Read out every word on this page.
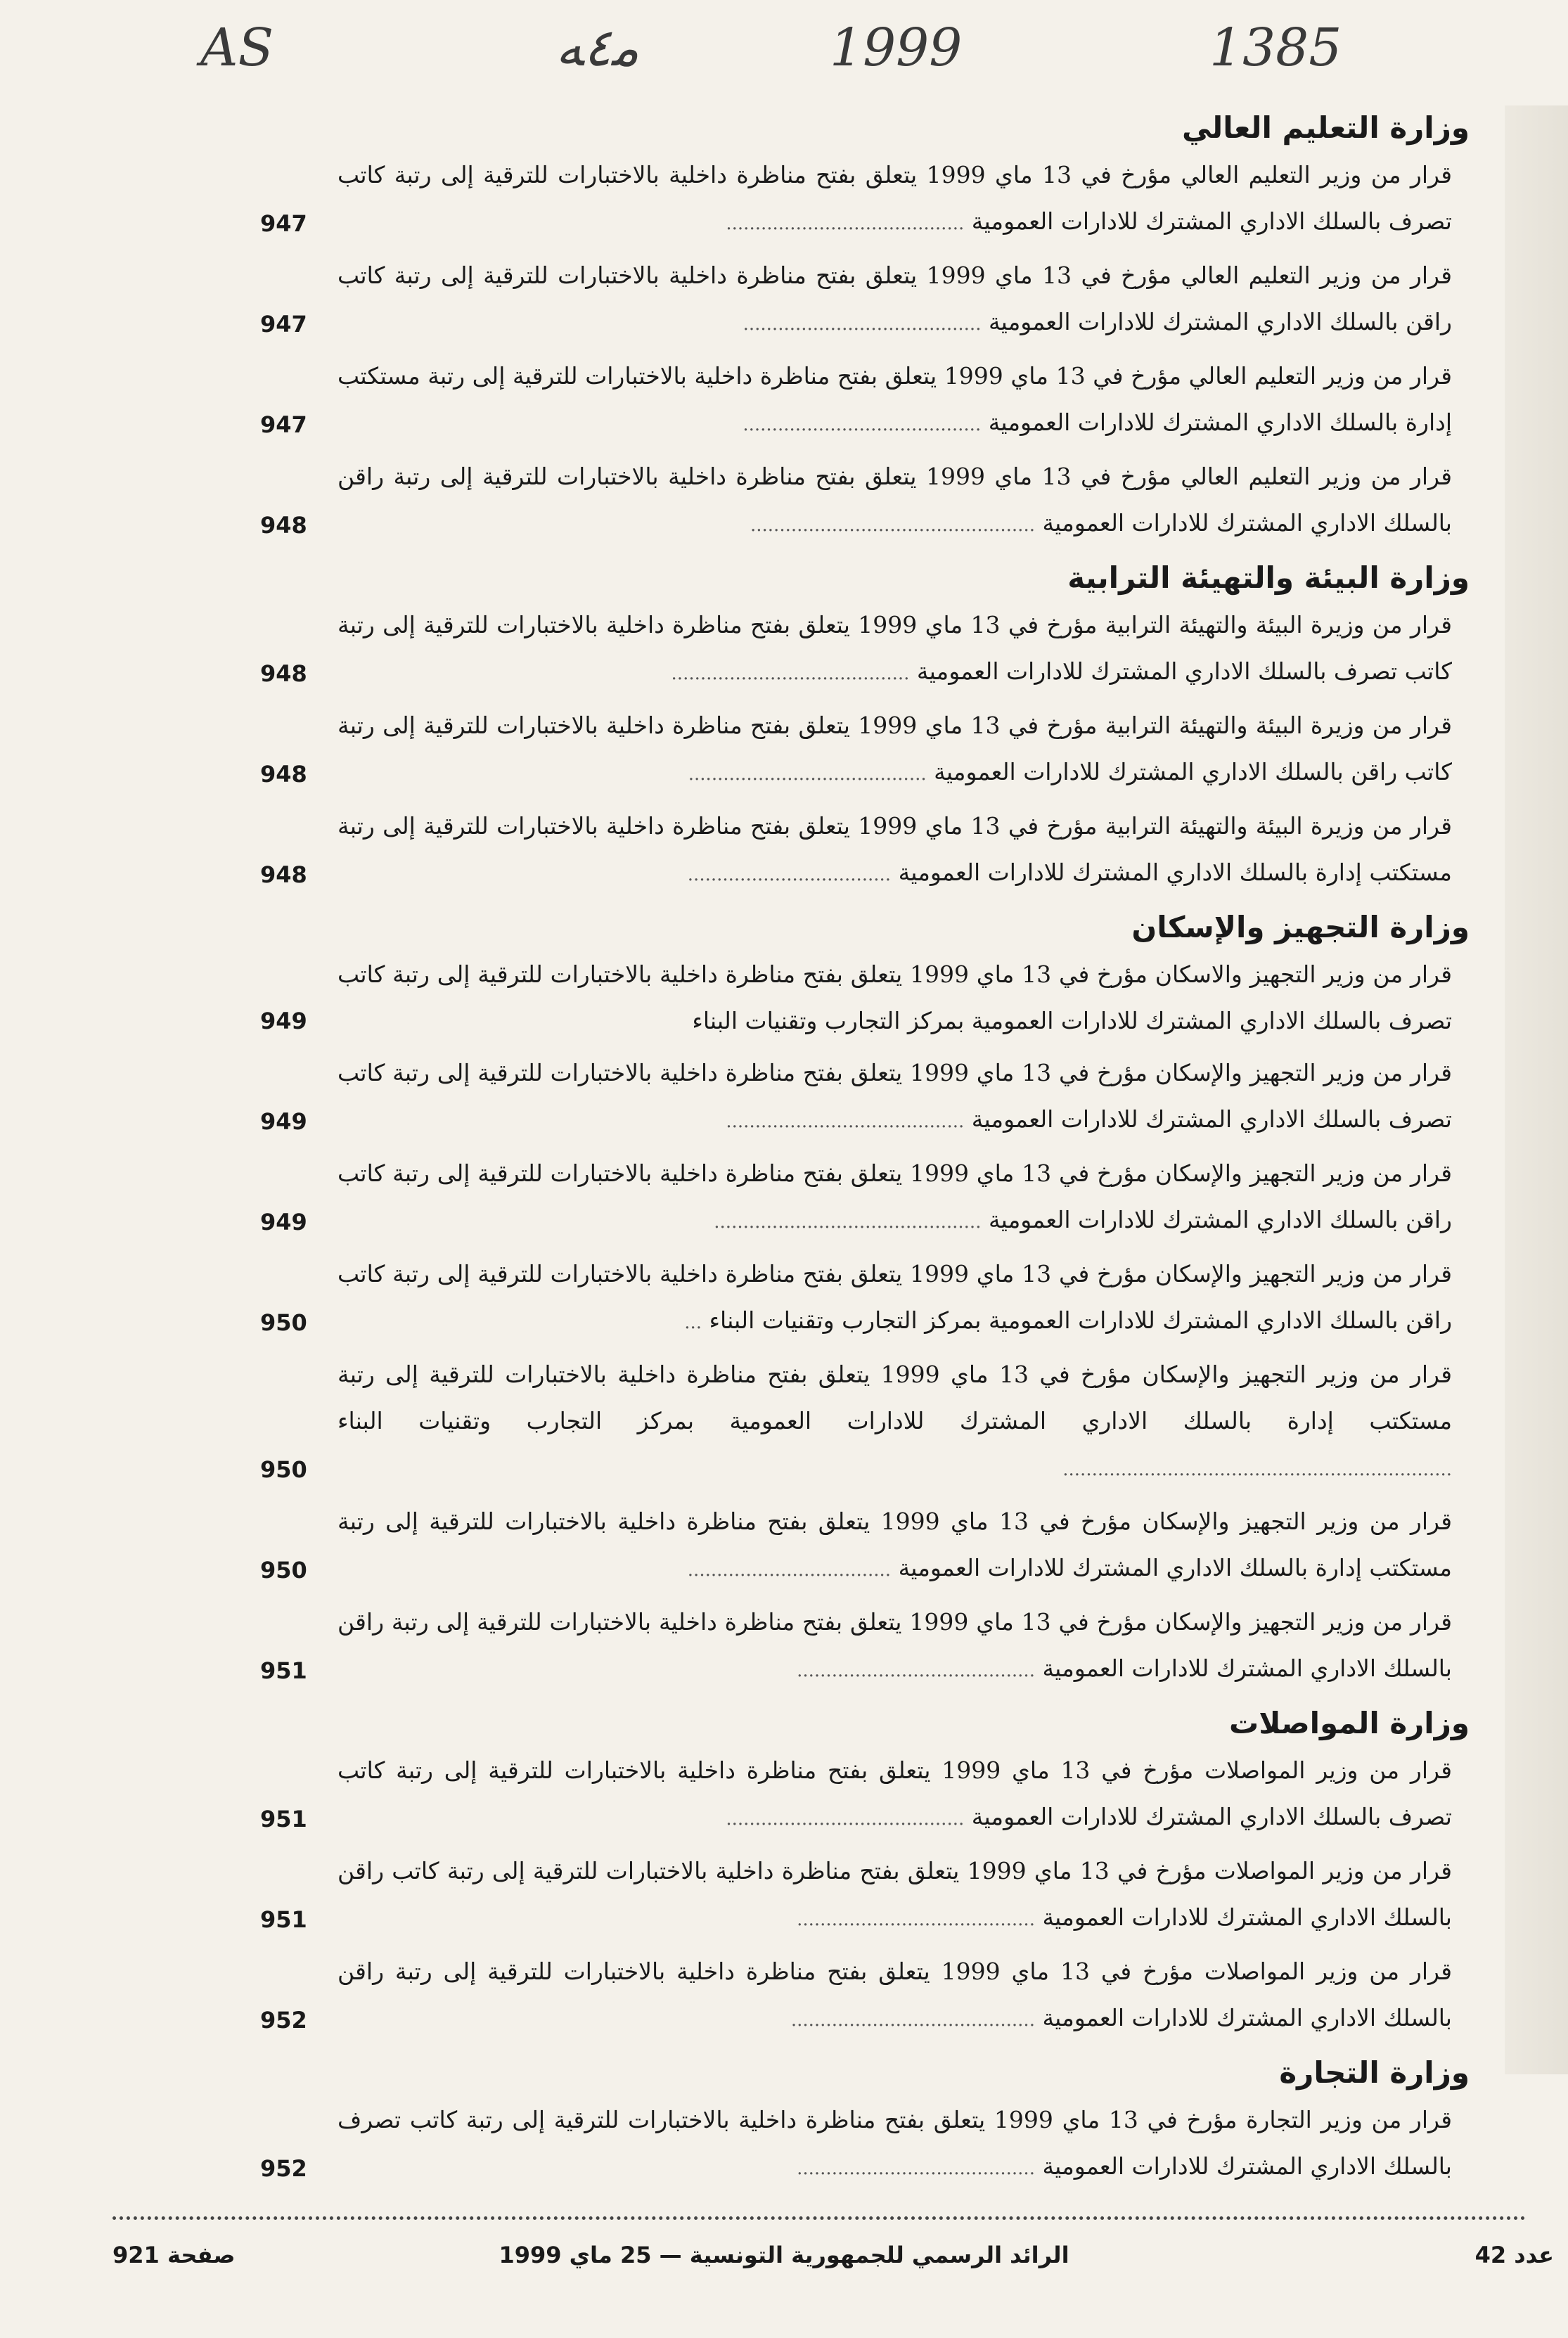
AS	ﻣ٤ﻪ	1999	1385
وزارة التعليم العالي
قرار من وزير التعليم العالي مؤرخ في 13 ماي 1999 يتعلق بفتح مناظرة داخلية بالاختبارات للترقية إلى رتبة كاتب تصرف بالسلك الاداري المشترك للادارات العمومية .........................................
947
قرار من وزير التعليم العالي مؤرخ في 13 ماي 1999 يتعلق بفتح مناظرة داخلية بالاختبارات للترقية إلى رتبة كاتب راقن بالسلك الاداري المشترك للادارات العمومية .........................................
947
قرار من وزير التعليم العالي مؤرخ في 13 ماي 1999 يتعلق بفتح مناظرة داخلية بالاختبارات للترقية إلى رتبة مستكتب إدارة بالسلك الاداري المشترك للادارات العمومية .........................................
947
قرار من وزير التعليم العالي مؤرخ في 13 ماي 1999 يتعلق بفتح مناظرة داخلية بالاختبارات للترقية إلى رتبة راقن بالسلك الاداري المشترك للادارات العمومية .................................................
948
وزارة البيئة والتهيئة الترابية
قرار من وزيرة البيئة والتهيئة الترابية مؤرخ في 13 ماي 1999 يتعلق بفتح مناظرة داخلية بالاختبارات للترقية إلى رتبة كاتب تصرف بالسلك الاداري المشترك للادارات العمومية .........................................
948
قرار من وزيرة البيئة والتهيئة الترابية مؤرخ في 13 ماي 1999 يتعلق بفتح مناظرة داخلية بالاختبارات للترقية إلى رتبة كاتب راقن بالسلك الاداري المشترك للادارات العمومية .........................................
948
قرار من وزيرة البيئة والتهيئة الترابية مؤرخ في 13 ماي 1999 يتعلق بفتح مناظرة داخلية بالاختبارات للترقية إلى رتبة مستكتب إدارة بالسلك الاداري المشترك للادارات العمومية ...................................
948
وزارة التجهيز والإسكان
قرار من وزير التجهيز والاسكان مؤرخ في 13 ماي 1999 يتعلق بفتح مناظرة داخلية بالاختبارات للترقية إلى رتبة كاتب تصرف بالسلك الاداري المشترك للادارات العمومية بمركز التجارب وتقنيات البناء
949
قرار من وزير التجهيز والإسكان مؤرخ في 13 ماي 1999 يتعلق بفتح مناظرة داخلية بالاختبارات للترقية إلى رتبة كاتب تصرف بالسلك الاداري المشترك للادارات العمومية .........................................
949
قرار من وزير التجهيز والإسكان مؤرخ في 13 ماي 1999 يتعلق بفتح مناظرة داخلية بالاختبارات للترقية إلى رتبة كاتب راقن بالسلك الاداري المشترك للادارات العمومية ..............................................
949
قرار من وزير التجهيز والإسكان مؤرخ في 13 ماي 1999 يتعلق بفتح مناظرة داخلية بالاختبارات للترقية إلى رتبة كاتب راقن بالسلك الاداري المشترك للادارات العمومية بمركز التجارب وتقنيات البناء ...
950
قرار من وزير التجهيز والإسكان مؤرخ في 13 ماي 1999 يتعلق بفتح مناظرة داخلية بالاختبارات للترقية إلى رتبة مستكتب إدارة بالسلك الاداري المشترك للادارات العمومية بمركز التجارب وتقنيات البناء ...................................................................
950
قرار من وزير التجهيز والإسكان مؤرخ في 13 ماي 1999 يتعلق بفتح مناظرة داخلية بالاختبارات للترقية إلى رتبة مستكتب إدارة بالسلك الاداري المشترك للادارات العمومية ...................................
950
قرار من وزير التجهيز والإسكان مؤرخ في 13 ماي 1999 يتعلق بفتح مناظرة داخلية بالاختبارات للترقية إلى رتبة راقن بالسلك الاداري المشترك للادارات العمومية .........................................
951
وزارة المواصلات
قرار من وزير المواصلات مؤرخ في 13 ماي 1999 يتعلق بفتح مناظرة داخلية بالاختبارات للترقية إلى رتبة كاتب تصرف بالسلك الاداري المشترك للادارات العمومية .........................................
951
قرار من وزير المواصلات مؤرخ في 13 ماي 1999 يتعلق بفتح مناظرة داخلية بالاختبارات للترقية إلى رتبة كاتب راقن بالسلك الاداري المشترك للادارات العمومية .........................................
951
قرار من وزير المواصلات مؤرخ في 13 ماي 1999 يتعلق بفتح مناظرة داخلية بالاختبارات للترقية إلى رتبة راقن بالسلك الاداري المشترك للادارات العمومية ..........................................
952
وزارة التجارة
قرار من وزير التجارة مؤرخ في 13 ماي 1999 يتعلق بفتح مناظرة داخلية بالاختبارات للترقية إلى رتبة كاتب تصرف بالسلك الاداري المشترك للادارات العمومية .........................................
952
الرائد الرسمي للجمهورية التونسية — 25 ماي 1999
صفحة 921	عدد 42
